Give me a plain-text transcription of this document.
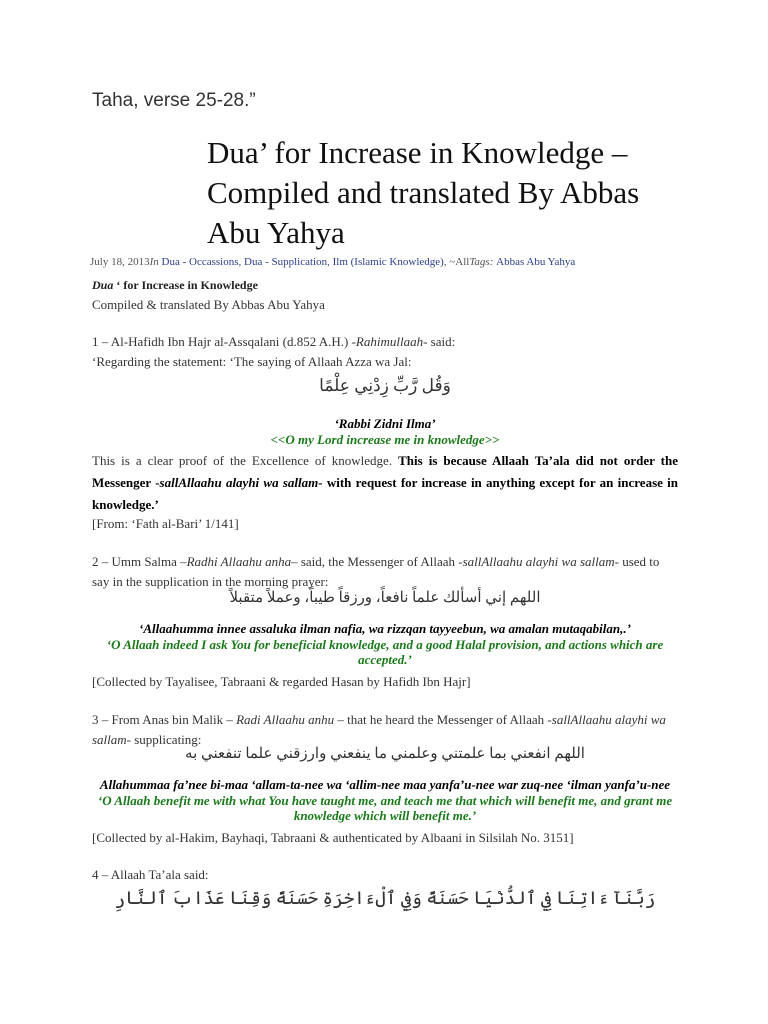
Taha, verse 25-28.”
Dua’ for Increase in Knowledge – Compiled and translated By Abbas Abu Yahya
July 18, 2013In Dua - Occassions, Dua - Supplication, Ilm (Islamic Knowledge), ~AllTags: Abbas Abu Yahya
Dua ‘ for Increase in Knowledge
Compiled & translated By Abbas Abu Yahya
1 – Al-Hafidh Ibn Hajr al-Assqalani (d.852 A.H.) -Rahimullaah- said:
‘Regarding the statement: ‘The saying of Allaah Azza wa Jal:
وَقُل رَّبِّ زِدْنِي عِلْمًا
‘Rabbi Zidni Ilma’
<<O my Lord increase me in knowledge>>
This is a clear proof of the Excellence of knowledge. This is because Allaah Ta’ala did not order the Messenger -sallAllaahu alayhi wa sallam- with request for increase in anything except for an increase in knowledge.’
[From: ‘Fath al-Bari’ 1/141]
2 – Umm Salma –Radhi Allaahu anha– said, the Messenger of Allaah -sallAllaahu alayhi wa sallam- used to
say in the supplication in the morning prayer:
اللهم إني أسألك علماً نافعاً، ورزقاً طيباً، وعملاً متقبلاً
‘Allaahumma innee assaluka ilman nafia, wa rizzqan tayyeebun, wa amalan mutaqabilan,.’
‘O Allaah indeed I ask You for beneficial knowledge, and a good Halal provision, and actions which are
accepted.’
[Collected by Tayalisee, Tabraani & regarded Hasan by Hafidh Ibn Hajr]
3 – From Anas bin Malik – Radi Allaahu anhu – that he heard the Messenger of Allaah -sallAllaahu alayhi wa
sallam- supplicating:
اللهم انفعني بما علمتني وعلمني ما ينفعني وارزقني علما تنفعني به
Allahummaa fa’nee bi-maa ‘allam-ta-nee wa ‘allim-nee maa yanfa’u-nee war zuq-nee ‘ilman yanfa’u-nee
‘O Allaah benefit me with what You have taught me, and teach me that which will benefit me, and grant me
knowledge which will benefit me.’
[Collected by al-Hakim, Bayhaqi, Tabraani & authenticated by Albaani in Silsilah No. 3151]
4 – Allaah Ta’ala said:
رَبَّنَآ ءَاتِنَا فِي ٱلدُّنْيَا حَسَنَةً وَفِي ٱلْءَاخِرَةِ حَسَنَةً وَقِنَا عَذَابَ ٱلنَّارِ
